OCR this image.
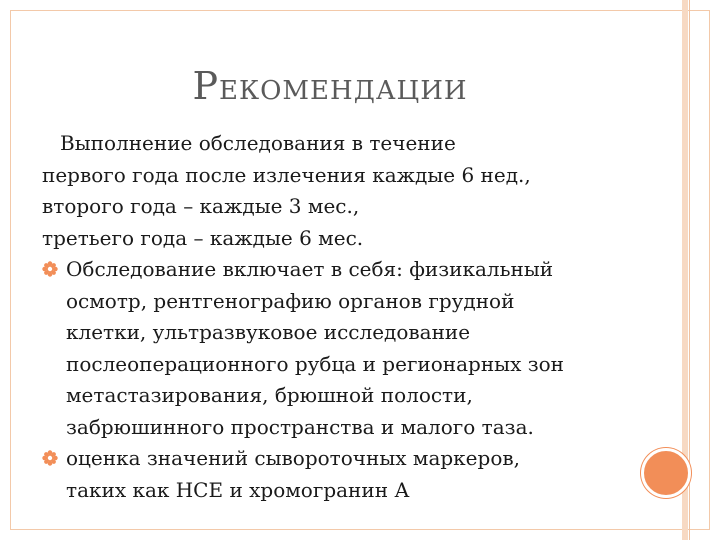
РЕКОМЕНДАЦИИ
Выполнение обследования в течение
первого года после излечения каждые 6 нед.,
второго года – каждые 3 мес.,
третьего года – каждые 6 мес.
Обследование включает в себя: физикальный
осмотр, рентгенографию органов грудной
клетки, ультразвуковое исследование
послеоперационного рубца и регионарных зон
метастазирования, брюшной полости,
забрюшинного пространства и малого таза.
оценка значений сывороточных маркеров,
таких как НСЕ и хромогранин А
